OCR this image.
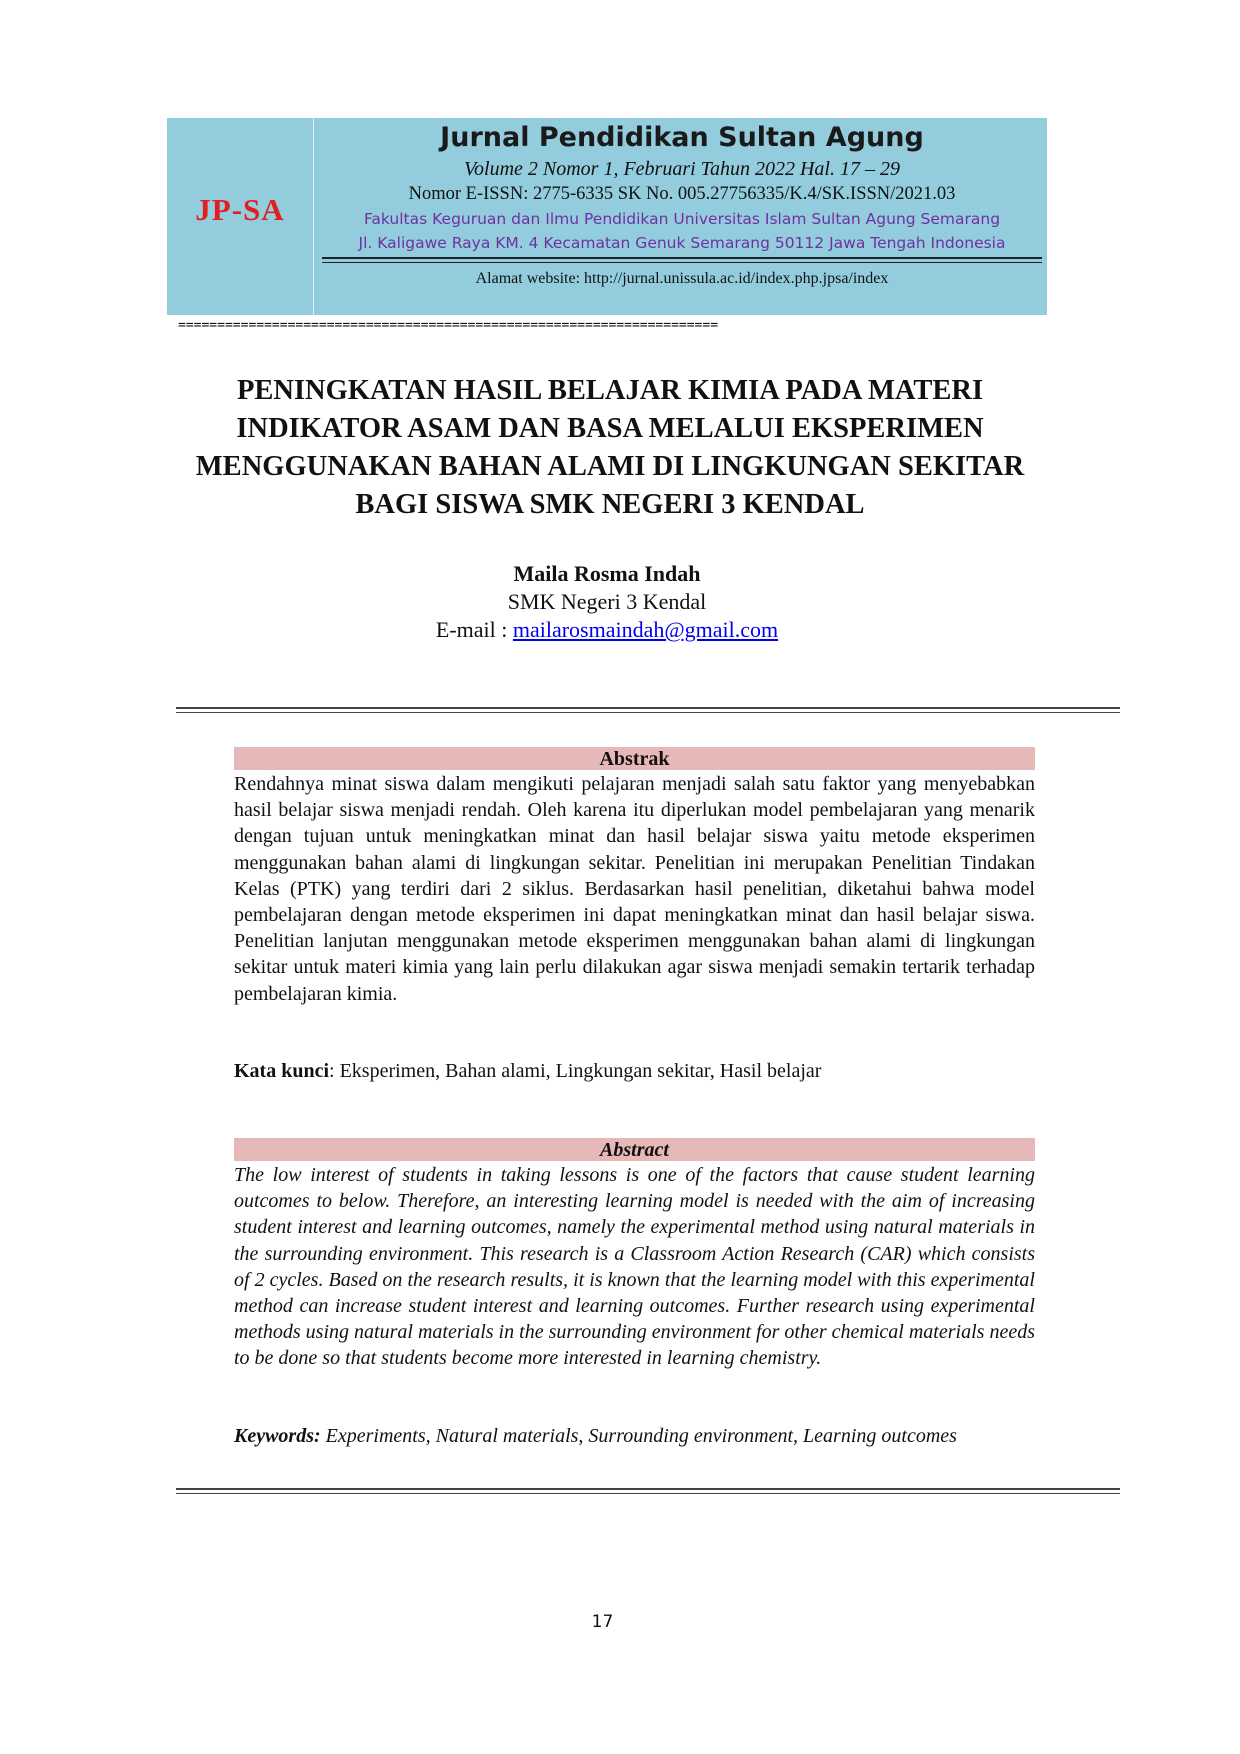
JP-SA
Jurnal Pendidikan Sultan Agung
Volume 2 Nomor 1, Februari Tahun 2022 Hal. 17 – 29
Nomor E-ISSN: 2775-6335 SK No. 005.27756335/K.4/SK.ISSN/2021.03
Fakultas Keguruan dan Ilmu Pendidikan Universitas Islam Sultan Agung Semarang
Jl. Kaligawe Raya KM. 4 Kecamatan Genuk Semarang 50112 Jawa Tengah Indonesia
Alamat website: http://jurnal.unissula.ac.id/index.php.jpsa/index
=====================================================================
PENINGKATAN HASIL BELAJAR KIMIA PADA MATERI
INDIKATOR ASAM DAN BASA MELALUI EKSPERIMEN
MENGGUNAKAN BAHAN ALAMI DI LINGKUNGAN SEKITAR
BAGI SISWA SMK NEGERI 3 KENDAL
Maila Rosma Indah
SMK Negeri 3 Kendal
E-mail : mailarosmaindah@gmail.com
Abstrak
Rendahnya minat siswa dalam mengikuti pelajaran menjadi salah satu faktor yang menyebabkan hasil belajar siswa menjadi rendah. Oleh karena itu diperlukan model pembelajaran yang menarik dengan tujuan untuk meningkatkan minat dan hasil belajar siswa yaitu metode eksperimen menggunakan bahan alami di lingkungan sekitar. Penelitian ini merupakan Penelitian Tindakan Kelas (PTK) yang terdiri dari 2 siklus. Berdasarkan hasil penelitian, diketahui bahwa model pembelajaran dengan metode eksperimen ini dapat meningkatkan minat dan hasil belajar siswa. Penelitian lanjutan menggunakan metode eksperimen menggunakan bahan alami di lingkungan sekitar untuk materi kimia yang lain perlu dilakukan agar siswa menjadi semakin tertarik terhadap pembelajaran kimia.
Kata kunci: Eksperimen, Bahan alami, Lingkungan sekitar, Hasil belajar
Abstract
The low interest of students in taking lessons is one of the factors that cause student learning outcomes to below. Therefore, an interesting learning model is needed with the aim of increasing student interest and learning outcomes, namely the experimental method using natural materials in the surrounding environment. This research is a Classroom Action Research (CAR) which consists of 2 cycles. Based on the research results, it is known that the learning model with this experimental method can increase student interest and learning outcomes. Further research using experimental methods using natural materials in the surrounding environment for other chemical materials needs to be done so that students become more interested in learning chemistry.
Keywords: Experiments, Natural materials, Surrounding environment, Learning outcomes
17
